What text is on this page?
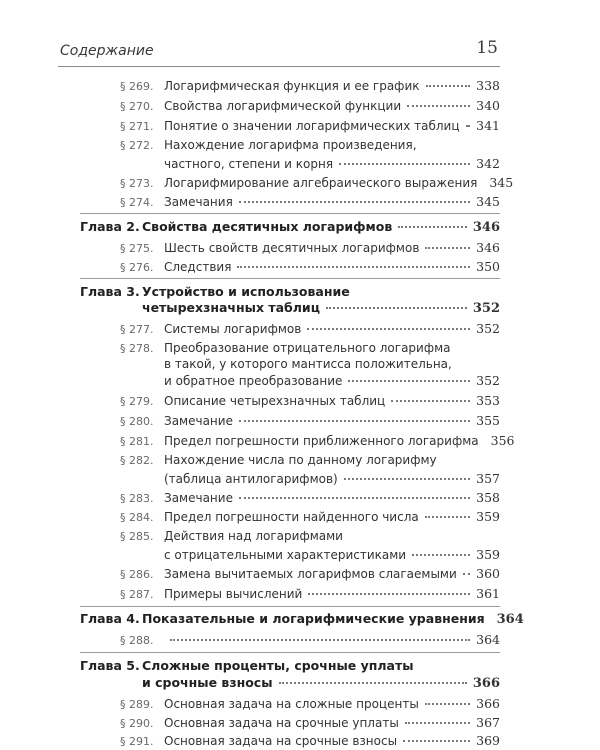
Содержание	15
§ 269. Логарифмическая функция и ее график	338
§ 270. Свойства логарифмической функции	340
§ 271. Понятие о значении логарифмических таблиц 341
§ 272. Нахождение логарифма произведения,
частного, степени и корня	342
§ 273. Логарифмирование алгебраического выражения 345
§ 274. Замечания	345
Глава 2. Свойства десятичных логарифмов	346
§ 275. Шесть свойств десятичных логарифмов	346
§ 276. Следствия	350
Глава 3. Устройство и использование
четырехзначных таблиц	352
§ 277. Системы логарифмов	352
§ 278. Преобразование отрицательного логарифма
в такой, у которого мантисса положительна,
и обратное преобразование	352
§ 279. Описание четырехзначных таблиц	353
§ 280. Замечание	355
§ 281. Предел погрешности приближенного логарифма 356
§ 282. Нахождение числа по данному логарифму
(таблица антилогарифмов)	357
§ 283. Замечание	358
§ 284. Предел погрешности найденного числа	359
§ 285. Действия над логарифмами
с отрицательными характеристиками	359
§ 286. Замена вычитаемых логарифмов слагаемыми 360
§ 287. Примеры вычислений	361
Глава 4. Показательные и логарифмические уравнения 364
§ 288.	364
Глава 5. Сложные проценты, срочные уплаты
и срочные взносы	366
§ 289. Основная задача на сложные проценты	366
§ 290. Основная задача на срочные уплаты	367
§ 291. Основная задача на срочные взносы	369
